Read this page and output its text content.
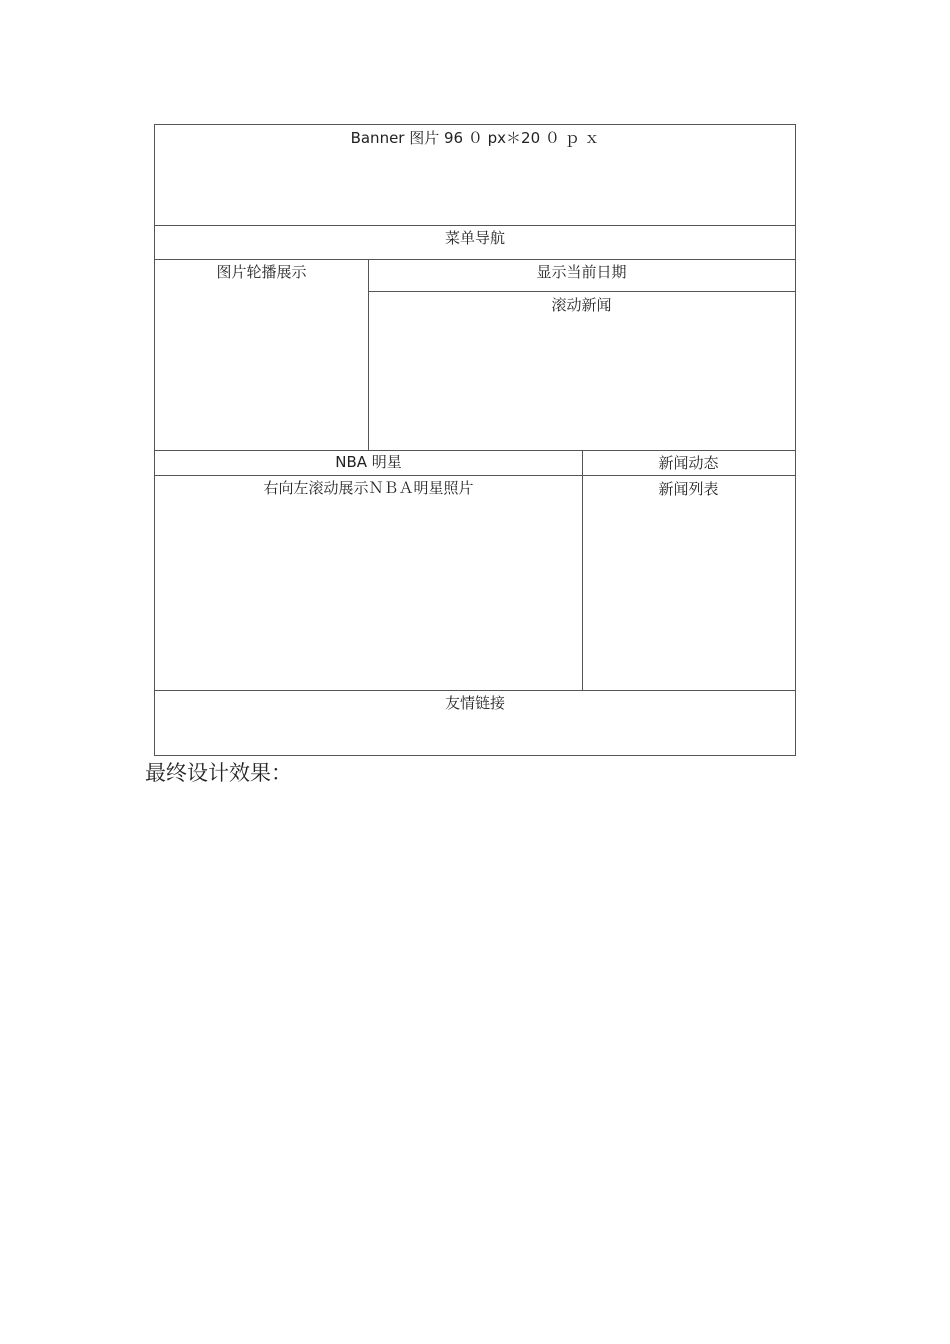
Banner 图片 96 ０ px＊20 ０ ｐ ｘ
菜单导航
图片轮播展示	显示当前日期
滚动新闻
NBA 明星	新闻动态
右向左滚动展示ＮＢＡ明星照片	新闻列表
友情链接
最终设计效果：
